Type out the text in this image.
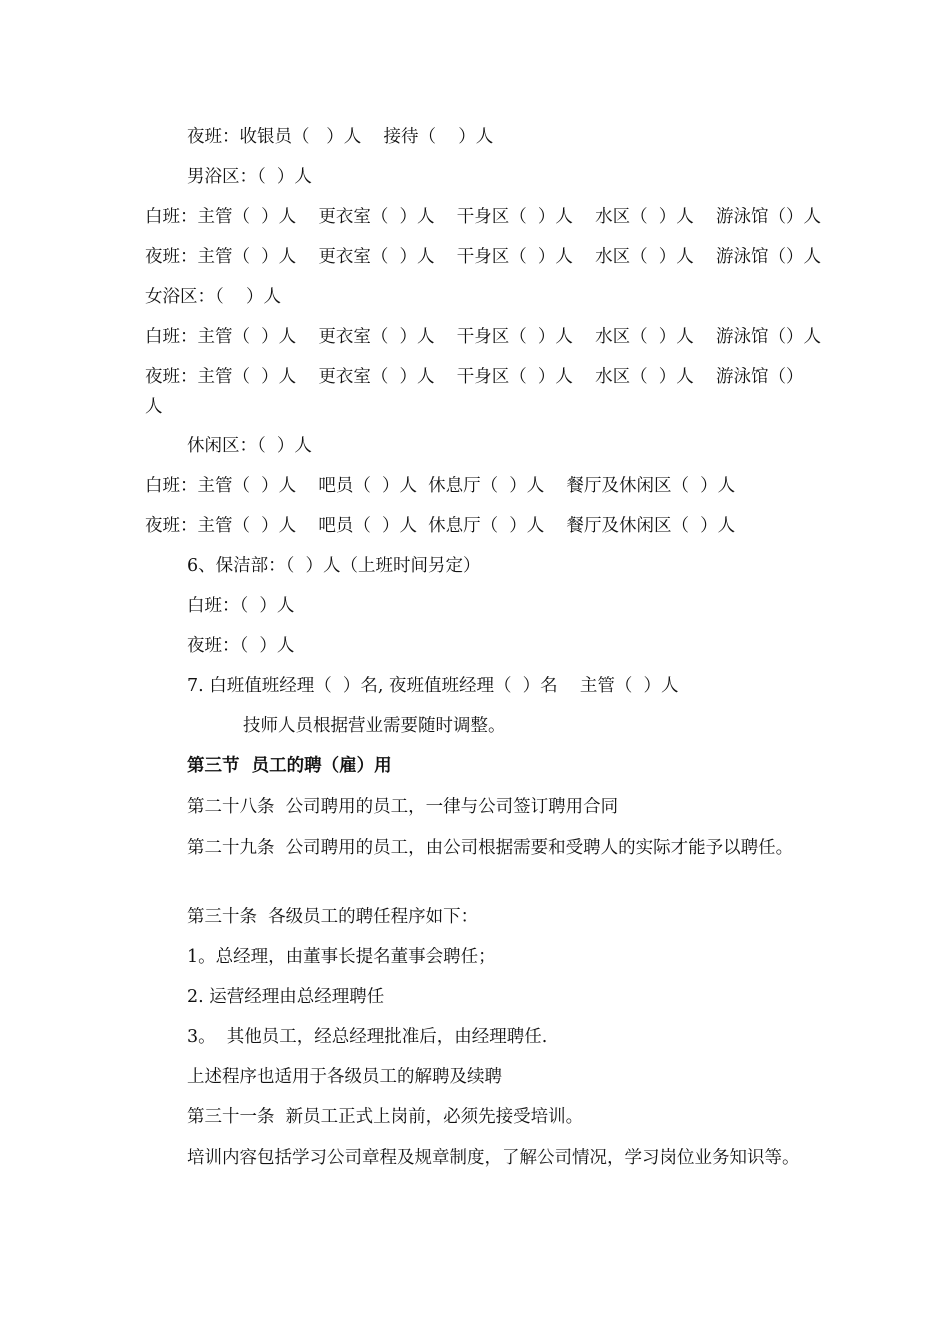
夜班：收银员（   ）人    接待（    ）人
男浴区：（  ）人
白班：主管（  ）人    更衣室（  ）人    干身区（  ）人    水区（  ）人    游泳馆（）人
夜班：主管（  ）人    更衣室（  ）人    干身区（  ）人    水区（  ）人    游泳馆（）人
女浴区：（    ）人
白班：主管（  ）人    更衣室（  ）人    干身区（  ）人    水区（  ）人    游泳馆（）人
夜班：主管（  ）人    更衣室（  ）人    干身区（  ）人    水区（  ）人    游泳馆（）人
休闲区：（  ）人
白班：主管（  ）人    吧员（  ）人  休息厅（  ）人    餐厅及休闲区（  ）人
夜班：主管（  ）人    吧员（  ）人  休息厅（  ）人    餐厅及休闲区（  ）人
6、保洁部：（  ）人（上班时间另定）
白班：（  ）人
夜班：（  ）人
7. 白班值班经理（  ）名, 夜班值班经理（  ）名    主管（  ）人
技师人员根据营业需要随时调整。
第三节  员工的聘（雇）用
第二十八条  公司聘用的员工，一律与公司签订聘用合同
第二十九条  公司聘用的员工，由公司根据需要和受聘人的实际才能予以聘任。
第三十条  各级员工的聘任程序如下：
1。总经理，由董事长提名董事会聘任；
2. 运营经理由总经理聘任
3。  其他员工，经总经理批准后，由经理聘任.
上述程序也适用于各级员工的解聘及续聘
第三十一条  新员工正式上岗前，必须先接受培训。
培训内容包括学习公司章程及规章制度，了解公司情况，学习岗位业务知识等。
